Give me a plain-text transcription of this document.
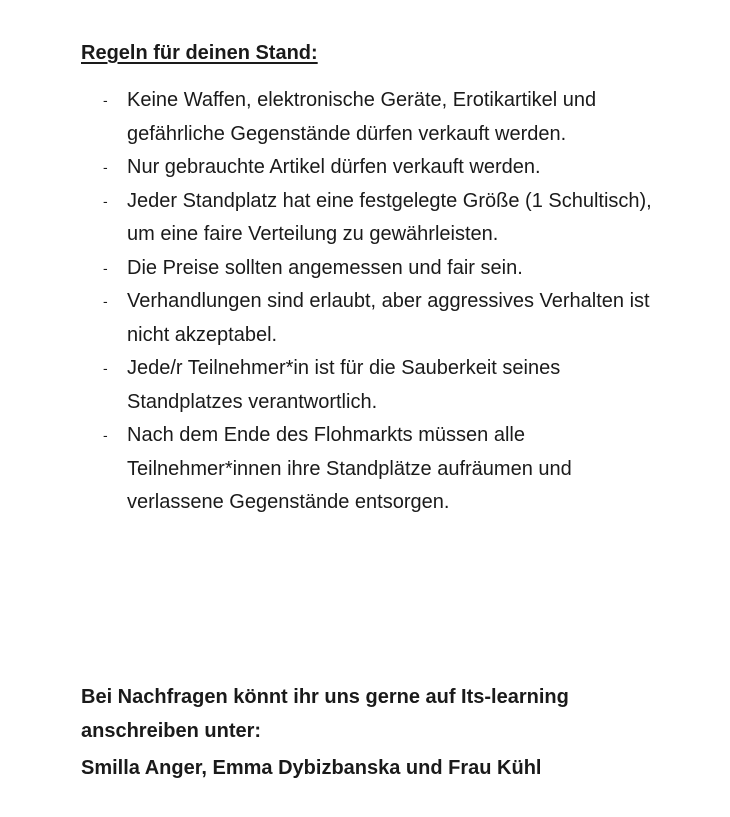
Regeln für deinen Stand:
- Keine Waffen, elektronische Geräte, Erotikartikel und gefährliche Gegenstände dürfen verkauft werden.
- Nur gebrauchte Artikel dürfen verkauft werden.
- Jeder Standplatz hat eine festgelegte Größe (1 Schultisch), um eine faire Verteilung zu gewährleisten.
- Die Preise sollten angemessen und fair sein.
- Verhandlungen sind erlaubt, aber aggressives Verhalten ist nicht akzeptabel.
- Jede/r Teilnehmer*in ist für die Sauberkeit seines Standplatzes verantwortlich.
- Nach dem Ende des Flohmarkts müssen alle Teilnehmer*innen ihre Standplätze aufräumen und verlassene Gegenstände entsorgen.
Bei Nachfragen könnt ihr uns gerne auf Its-learning anschreiben unter:
Smilla Anger, Emma Dybizbanska und Frau Kühl
